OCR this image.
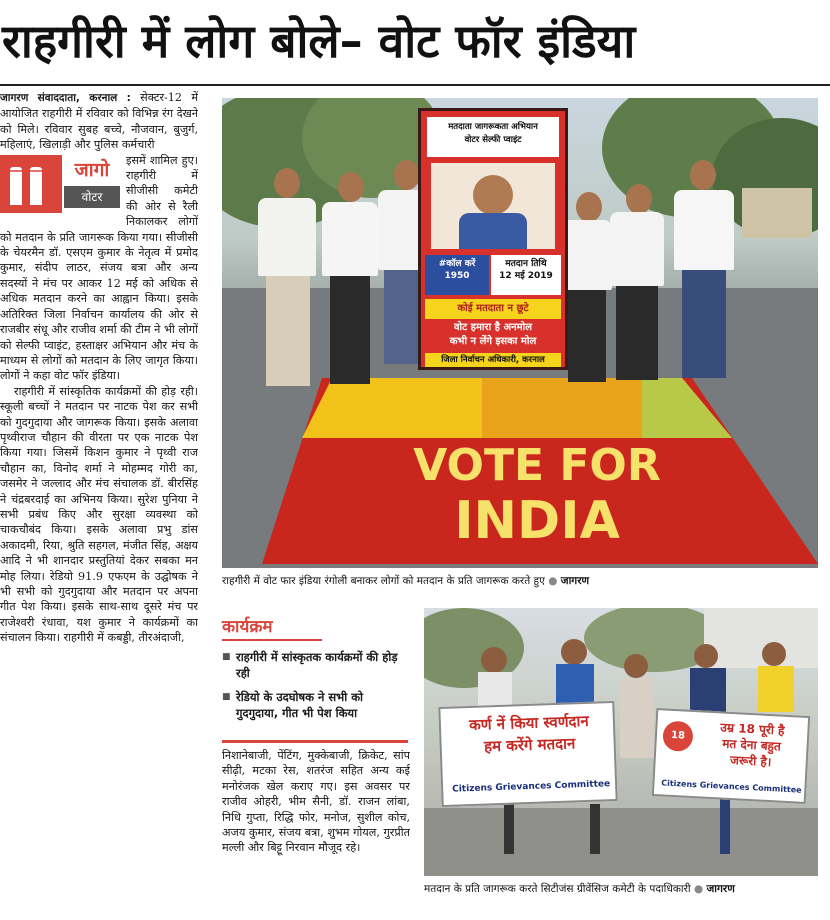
राहगीरी में लोग बोले– वोट फॉर इंडिया

जागरण संवाददाता, करनाल : सेक्टर-12 में आयोजित राहगीरी में रविवार को विभिन्न रंग देखने को मिले। रविवार सुबह बच्चे, नौजवान, बुजुर्ग, महिलाएं, खिलाड़ी और पुलिस कर्मचारी

जागो
वोटर

इसमें शामिल हुए। राहगीरी में सीजीसी कमेटी की ओर से रैली निकालकर लोगों को मतदान के प्रति जागरूक किया गया। सीजीसी के चेयरमैन डॉ. एसएम कुमार के नेतृत्व में प्रमोद कुमार, संदीप लाठर, संजय बत्रा और अन्य सदस्यों ने मंच पर आकर 12 मई को अधिक से अधिक मतदान करने का आह्वान किया। इसके अतिरिक्त जिला निर्वाचन कार्यालय की ओर से राजबीर संधू और राजीव शर्मा की टीम ने भी लोगों को सेल्फी प्वाइंट, हस्ताक्षर अभियान और मंच के माध्यम से लोगों को मतदान के लिए जागृत किया। लोगों ने कहा वोट फॉर इंडिया।

राहगीरी में सांस्कृतिक कार्यक्रमों की होड़ रही। स्कूली बच्चों ने मतदान पर नाटक पेश कर सभी को गुदगुदाया और जागरूक किया। इसके अलावा पृथ्वीराज चौहान की वीरता पर एक नाटक पेश किया गया। जिसमें किशन कुमार ने पृथ्वी राज चौहान का, विनोद शर्मा ने मोहम्मद गोरी का, जसमेर ने जल्लाद और मंच संचालक डॉ. बीरसिंह ने चंद्रबरदाई का अभिनय किया। सुरेश पुनिया ने सभी प्रबंध किए और सुरक्षा व्यवस्था को चाकचौबंद किया। इसके अलावा प्रभु डांस अकादमी, रिया, श्रुति सहगल, मंजीत सिंह, अक्षय आदि ने भी शानदार प्रस्तुतियां देकर सबका मन मोह लिया। रेडियो 91.9 एफएम के उद्घोषक ने भी सभी को गुदगुदाया और मतदान पर अपना गीत पेश किया। इसके साथ-साथ दूसरे मंच पर राजेश्वरी रंधावा, यश कुमार ने कार्यक्रमों का संचालन किया। राहगीरी में कबड्डी, तीरअंदाजी,

VOTE FOR
INDIA
मतदाता जागरूकता अभियान
वोटर सेल्फी प्वाइंट
#कॉल करें
1950
मतदान तिथि
12 मई 2019
कोई मतदाता न छूटे
वोट हमारा है अनमोल
कभी न लेंगे इसका मोल
जिला निर्वाचन अधिकारी, करनाल
राहगीरी में वोट फार इंडिया रंगोली बनाकर लोगों को मतदान के प्रति जागरूक करते हुए ● जागरण
कार्यक्रम
■ राहगीरी में सांस्कृतक कार्यक्रमों की होड़ रही
■ रेडियो के उदघोषक ने सभी को गुदगुदाया, गीत भी पेश किया

निशानेबाजी, पेंटिंग, मुक्केबाजी, क्रिकेट, सांप सीढ़ी, मटका रेस, शतरंज सहित अन्य कई मनोरंजक खेल कराए गए। इस अवसर पर राजीव ओहरी, भीम सैनी, डॉ. राजन लांबा, निधि गुप्ता, रिद्धि फोर, मनोज, सुशील कोच, अजय कुमार, संजय बत्रा, शुभम गोयल, गुरप्रीत मल्ली और बिट्टू निरवान मौजूद रहे।

कर्ण नें किया स्वर्णदान
हम करेंगे मतदान
Citizens Grievances Committee
18	उम्र 18 पूरी है
मत देना बहुत
जरूरी है।
Citizens Grievances Committee
मतदान के प्रति जागरूक करते सिटीजंस ग्रीवेंसिज कमेटी के पदाधिकारी ● जागरण
